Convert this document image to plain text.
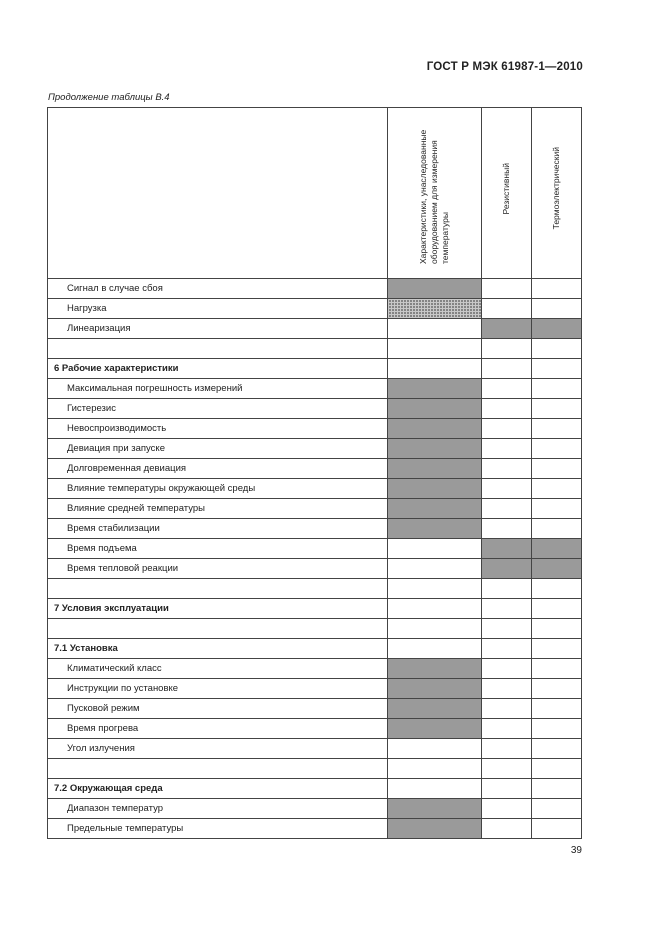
ГОСТ Р МЭК 61987-1—2010
Продолжение таблицы В.4
	Характеристики, унаследованные оборудованием для измерения температуры	Резистивный	Термоэлектрический
Сигнал в случае сбоя			
Нагрузка			
Линеаризация			

6 Рабочие характеристики			
Максимальная погрешность измерений			
Гистерезис			
Невоспроизводимость			
Девиация при запуске			
Долговременная девиация			
Влияние температуры окружающей среды			
Влияние средней температуры			
Время стабилизации			
Время подъема			
Время тепловой реакции			

7 Условия эксплуатации			

7.1 Установка			
Климатический класс			
Инструкции по установке			
Пусковой режим			
Время прогрева			
Угол излучения			

7.2 Окружающая среда			
Диапазон температур			
Предельные температуры			
39
